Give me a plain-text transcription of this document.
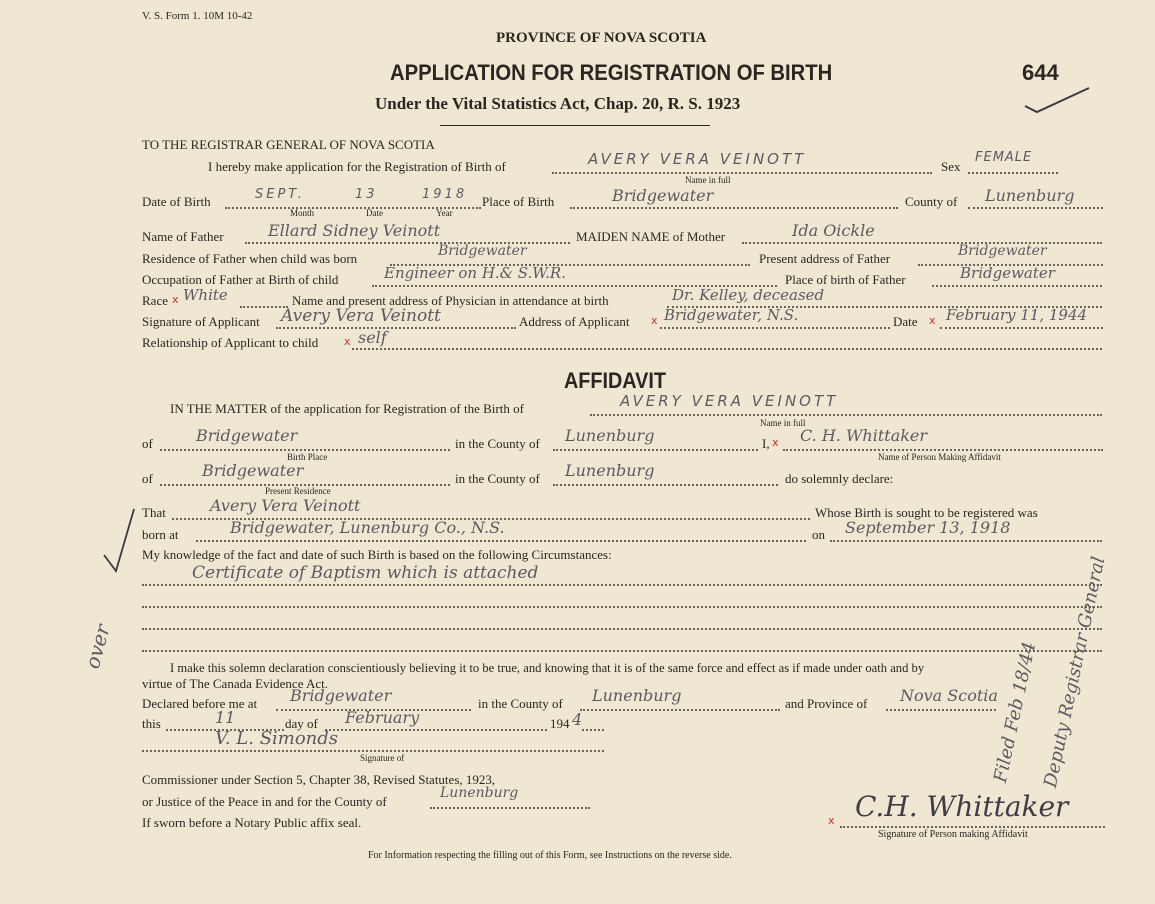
V. S. Form 1. 10M 10-42
PROVINCE OF NOVA SCOTIA
APPLICATION FOR REGISTRATION OF BIRTH
Under the Vital Statistics Act, Chap. 20, R. S. 1923
644
TO THE REGISTRAR GENERAL OF NOVA SCOTIA
I hereby make application for the Registration of Birth of	AVERY VERA VEINOTT
Name in full
Sex
FEMALE
Date of Birth	SEPT.	13	1918
Month	Date	Year
Place of Birth	Bridgewater	County of Lunenburg
Name of Father	Ellard Sidney Veinott	MAIDEN NAME of Mother	Ida Oickle
Residence of Father when child was born	Bridgewater	Present address of Father	Bridgewater
Occupation of Father at Birth of child	Engineer on H.& S.W.R.	Place of birth of Father	Bridgewater
Race x White	Name and present address of Physician in attendance at birth	Dr. Kelley, deceased
Signature of Applicant Avery Vera Veinott	Address of Applicant x Bridgewater, N.S.	Date x February 11, 1944
Relationship of Applicant to child x self
AFFIDAVIT
IN THE MATTER of the application for Registration of the Birth of	AVERY VERA VEINOTT
Name in full
of	Bridgewater
Birth Place
in the County of Lunenburg	I, x C. H. Whittaker
Name of Person Making Affidavit
of	Bridgewater
Present Residence
in the County of Lunenburg	do solemnly declare:
That	Avery Vera Veinott	Whose Birth is sought to be registered was
born at	Bridgewater, Lunenburg Co., N.S.	on September 13, 1918
My knowledge of the fact and date of such Birth is based on the following Circumstances:
Certificate of Baptism which is attached
I make this solemn declaration conscientiously believing it to be true, and knowing that it is of the same force and effect as if made under oath and by
virtue of The Canada Evidence Act.
Declared before me at Bridgewater	in the County of Lunenburg	and Province of Nova Scotia
this	11	day of February	194 4
V. L. Simonds
Signature of
Commissioner under Section 5, Chapter 38, Revised Statutes, 1923,
or Justice of the Peace in and for the County of
Lunenburg
If sworn before a Notary Public affix seal.	x C.H. Whittaker
Signature of Person making Affidavit
For Information respecting the filling out of this Form, see Instructions on the reverse side.
over	Filed Feb 18/44 Deputy Registrar General
